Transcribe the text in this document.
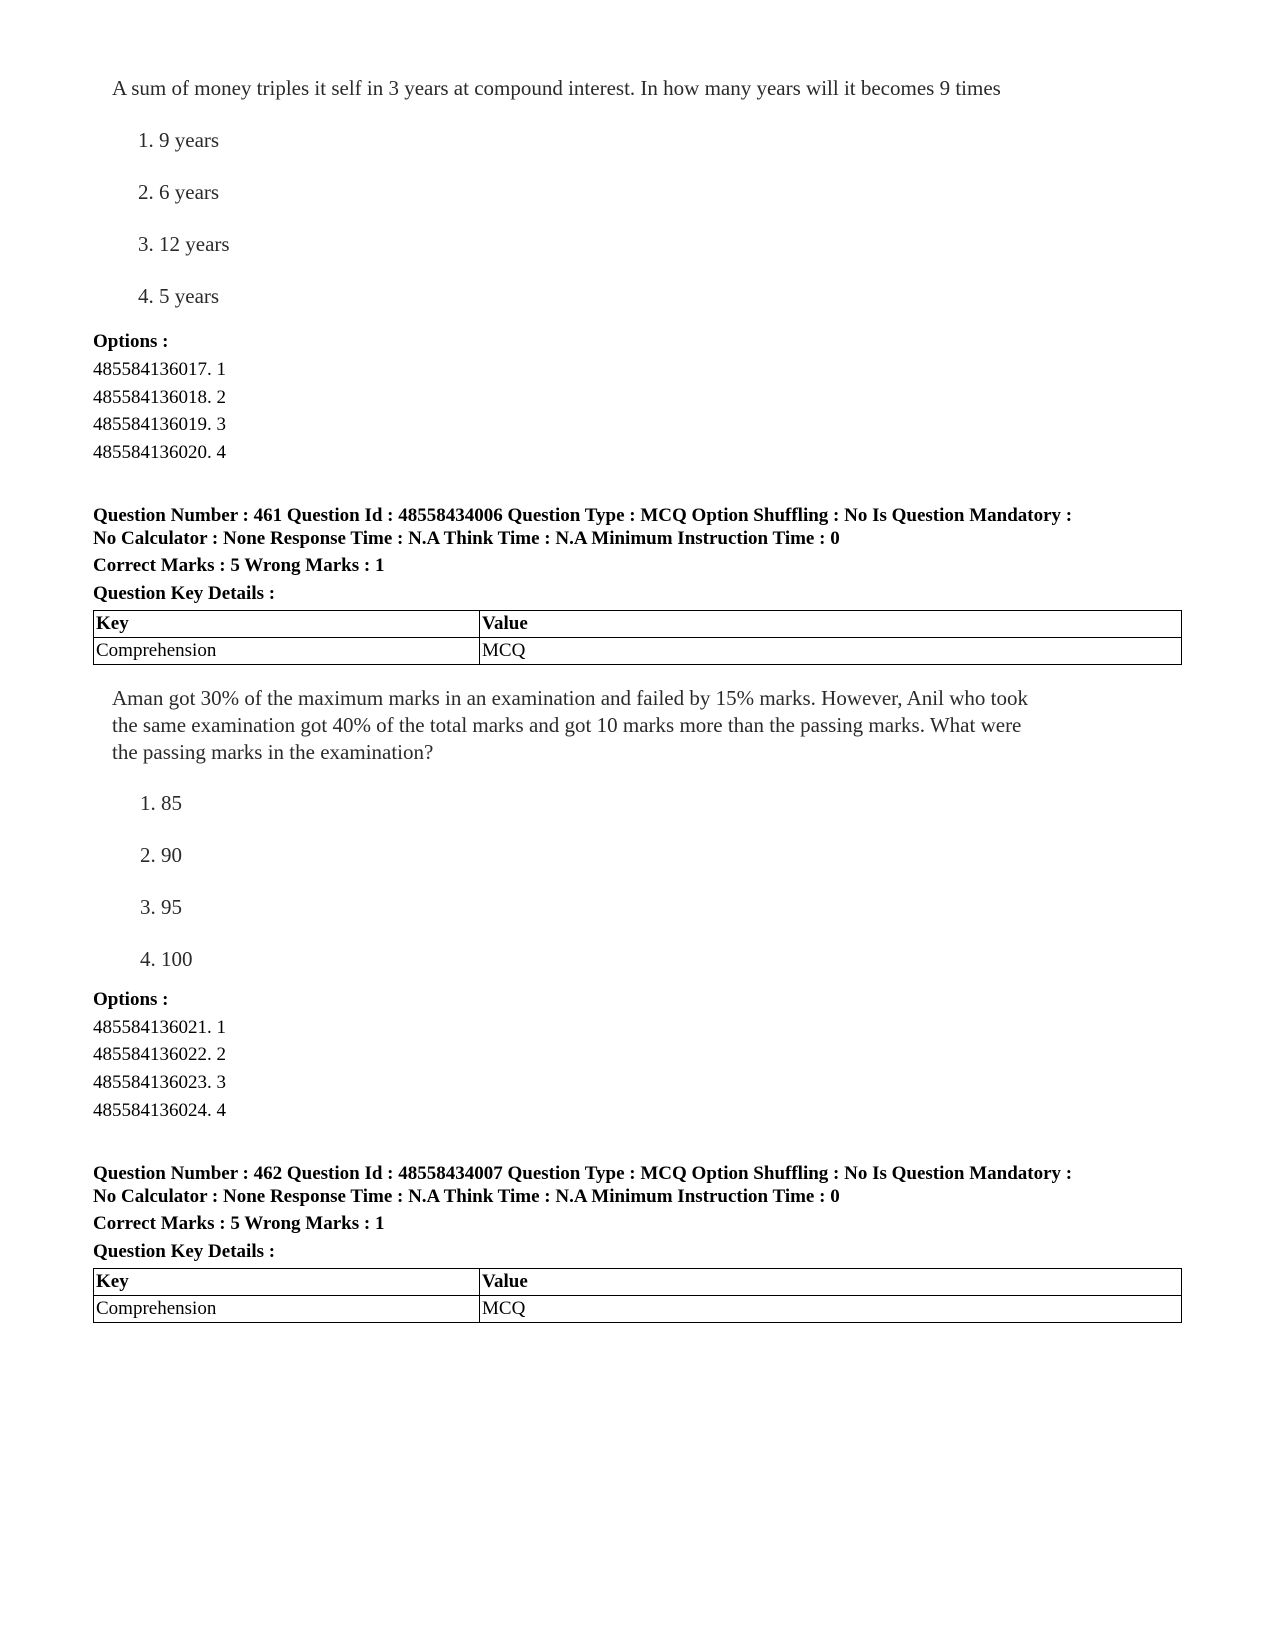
A sum of money triples it self in 3 years at compound interest. In how many years will it becomes 9 times
1. 9 years
2. 6 years
3. 12 years
4. 5 years
Options :
485584136017. 1
485584136018. 2
485584136019. 3
485584136020. 4
Question Number : 461 Question Id : 48558434006 Question Type : MCQ Option Shuffling : No Is Question Mandatory :
No Calculator : None Response Time : N.A Think Time : N.A Minimum Instruction Time : 0
Correct Marks : 5 Wrong Marks : 1
Question Key Details :
Key	Value
Comprehension	MCQ
Aman got 30% of the maximum marks in an examination and failed by 15% marks. However, Anil who took
the same examination got 40% of the total marks and got 10 marks more than the passing marks. What were
the passing marks in the examination?
1. 85
2. 90
3. 95
4. 100
Options :
485584136021. 1
485584136022. 2
485584136023. 3
485584136024. 4
Question Number : 462 Question Id : 48558434007 Question Type : MCQ Option Shuffling : No Is Question Mandatory :
No Calculator : None Response Time : N.A Think Time : N.A Minimum Instruction Time : 0
Correct Marks : 5 Wrong Marks : 1
Question Key Details :
Key	Value
Comprehension	MCQ
